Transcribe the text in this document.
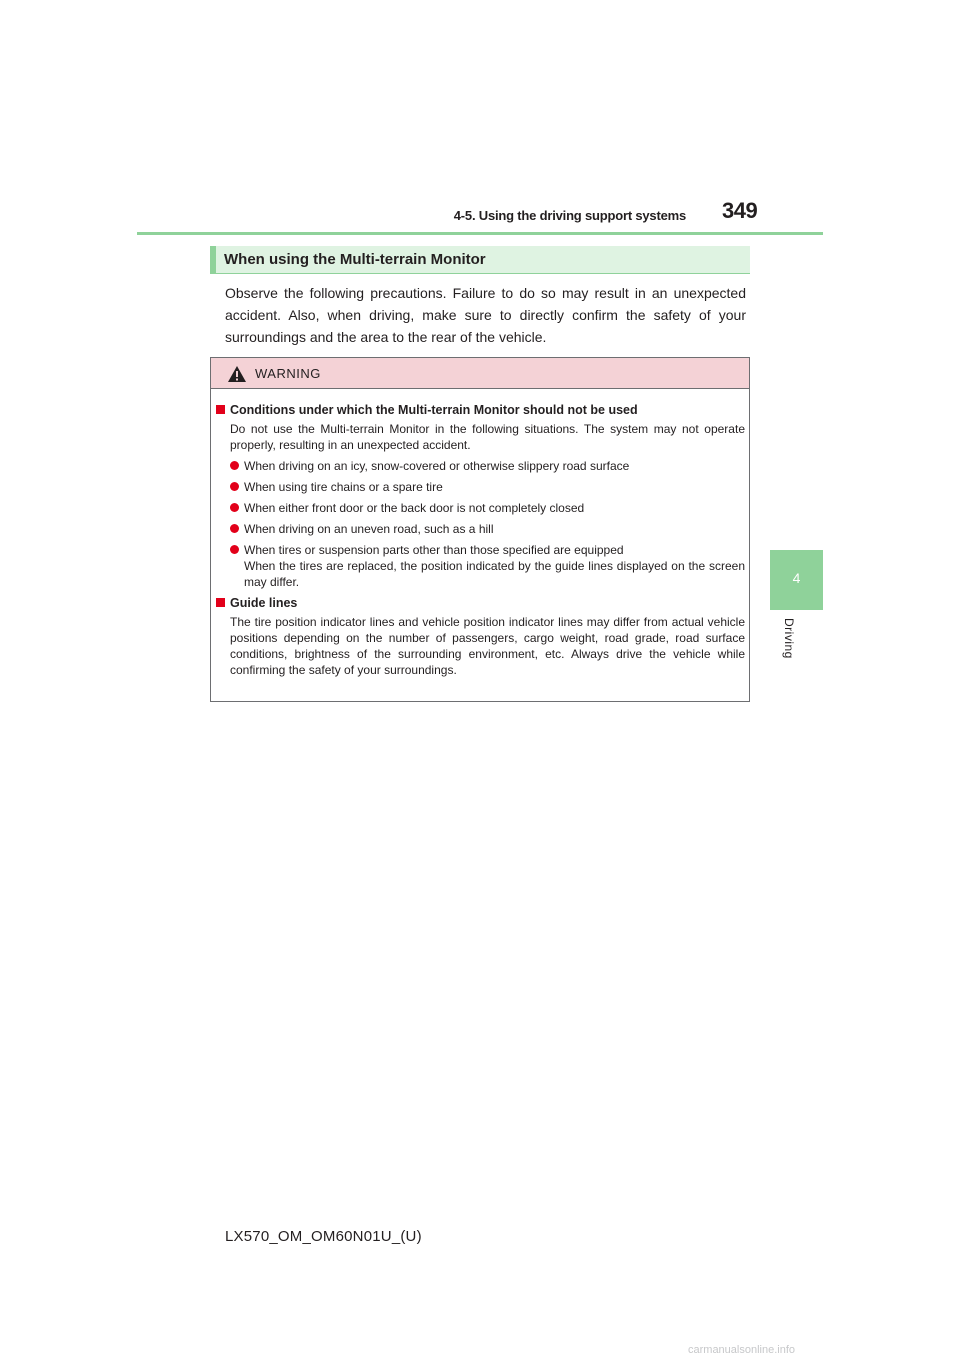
4-5. Using the driving support systems 349
4
Driving
When using the Multi-terrain Monitor
Observe the following precautions. Failure to do so may result in an unexpected accident. Also, when driving, make sure to directly confirm the safety of your surroundings and the area to the rear of the vehicle.
WARNING
Conditions under which the Multi-terrain Monitor should not be used
Do not use the Multi-terrain Monitor in the following situations. The system may not operate properly, resulting in an unexpected accident.
When driving on an icy, snow-covered or otherwise slippery road surface
When using tire chains or a spare tire
When either front door or the back door is not completely closed
When driving on an uneven road, such as a hill
When tires or suspension parts other than those specified are equipped
When the tires are replaced, the position indicated by the guide lines displayed on the screen may differ.
Guide lines
The tire position indicator lines and vehicle position indicator lines may differ from actual vehicle positions depending on the number of passengers, cargo weight, road grade, road surface conditions, brightness of the surrounding environment, etc. Always drive the vehicle while confirming the safety of your surroundings.
LX570_OM_OM60N01U_(U)
carmanualsonline.info
